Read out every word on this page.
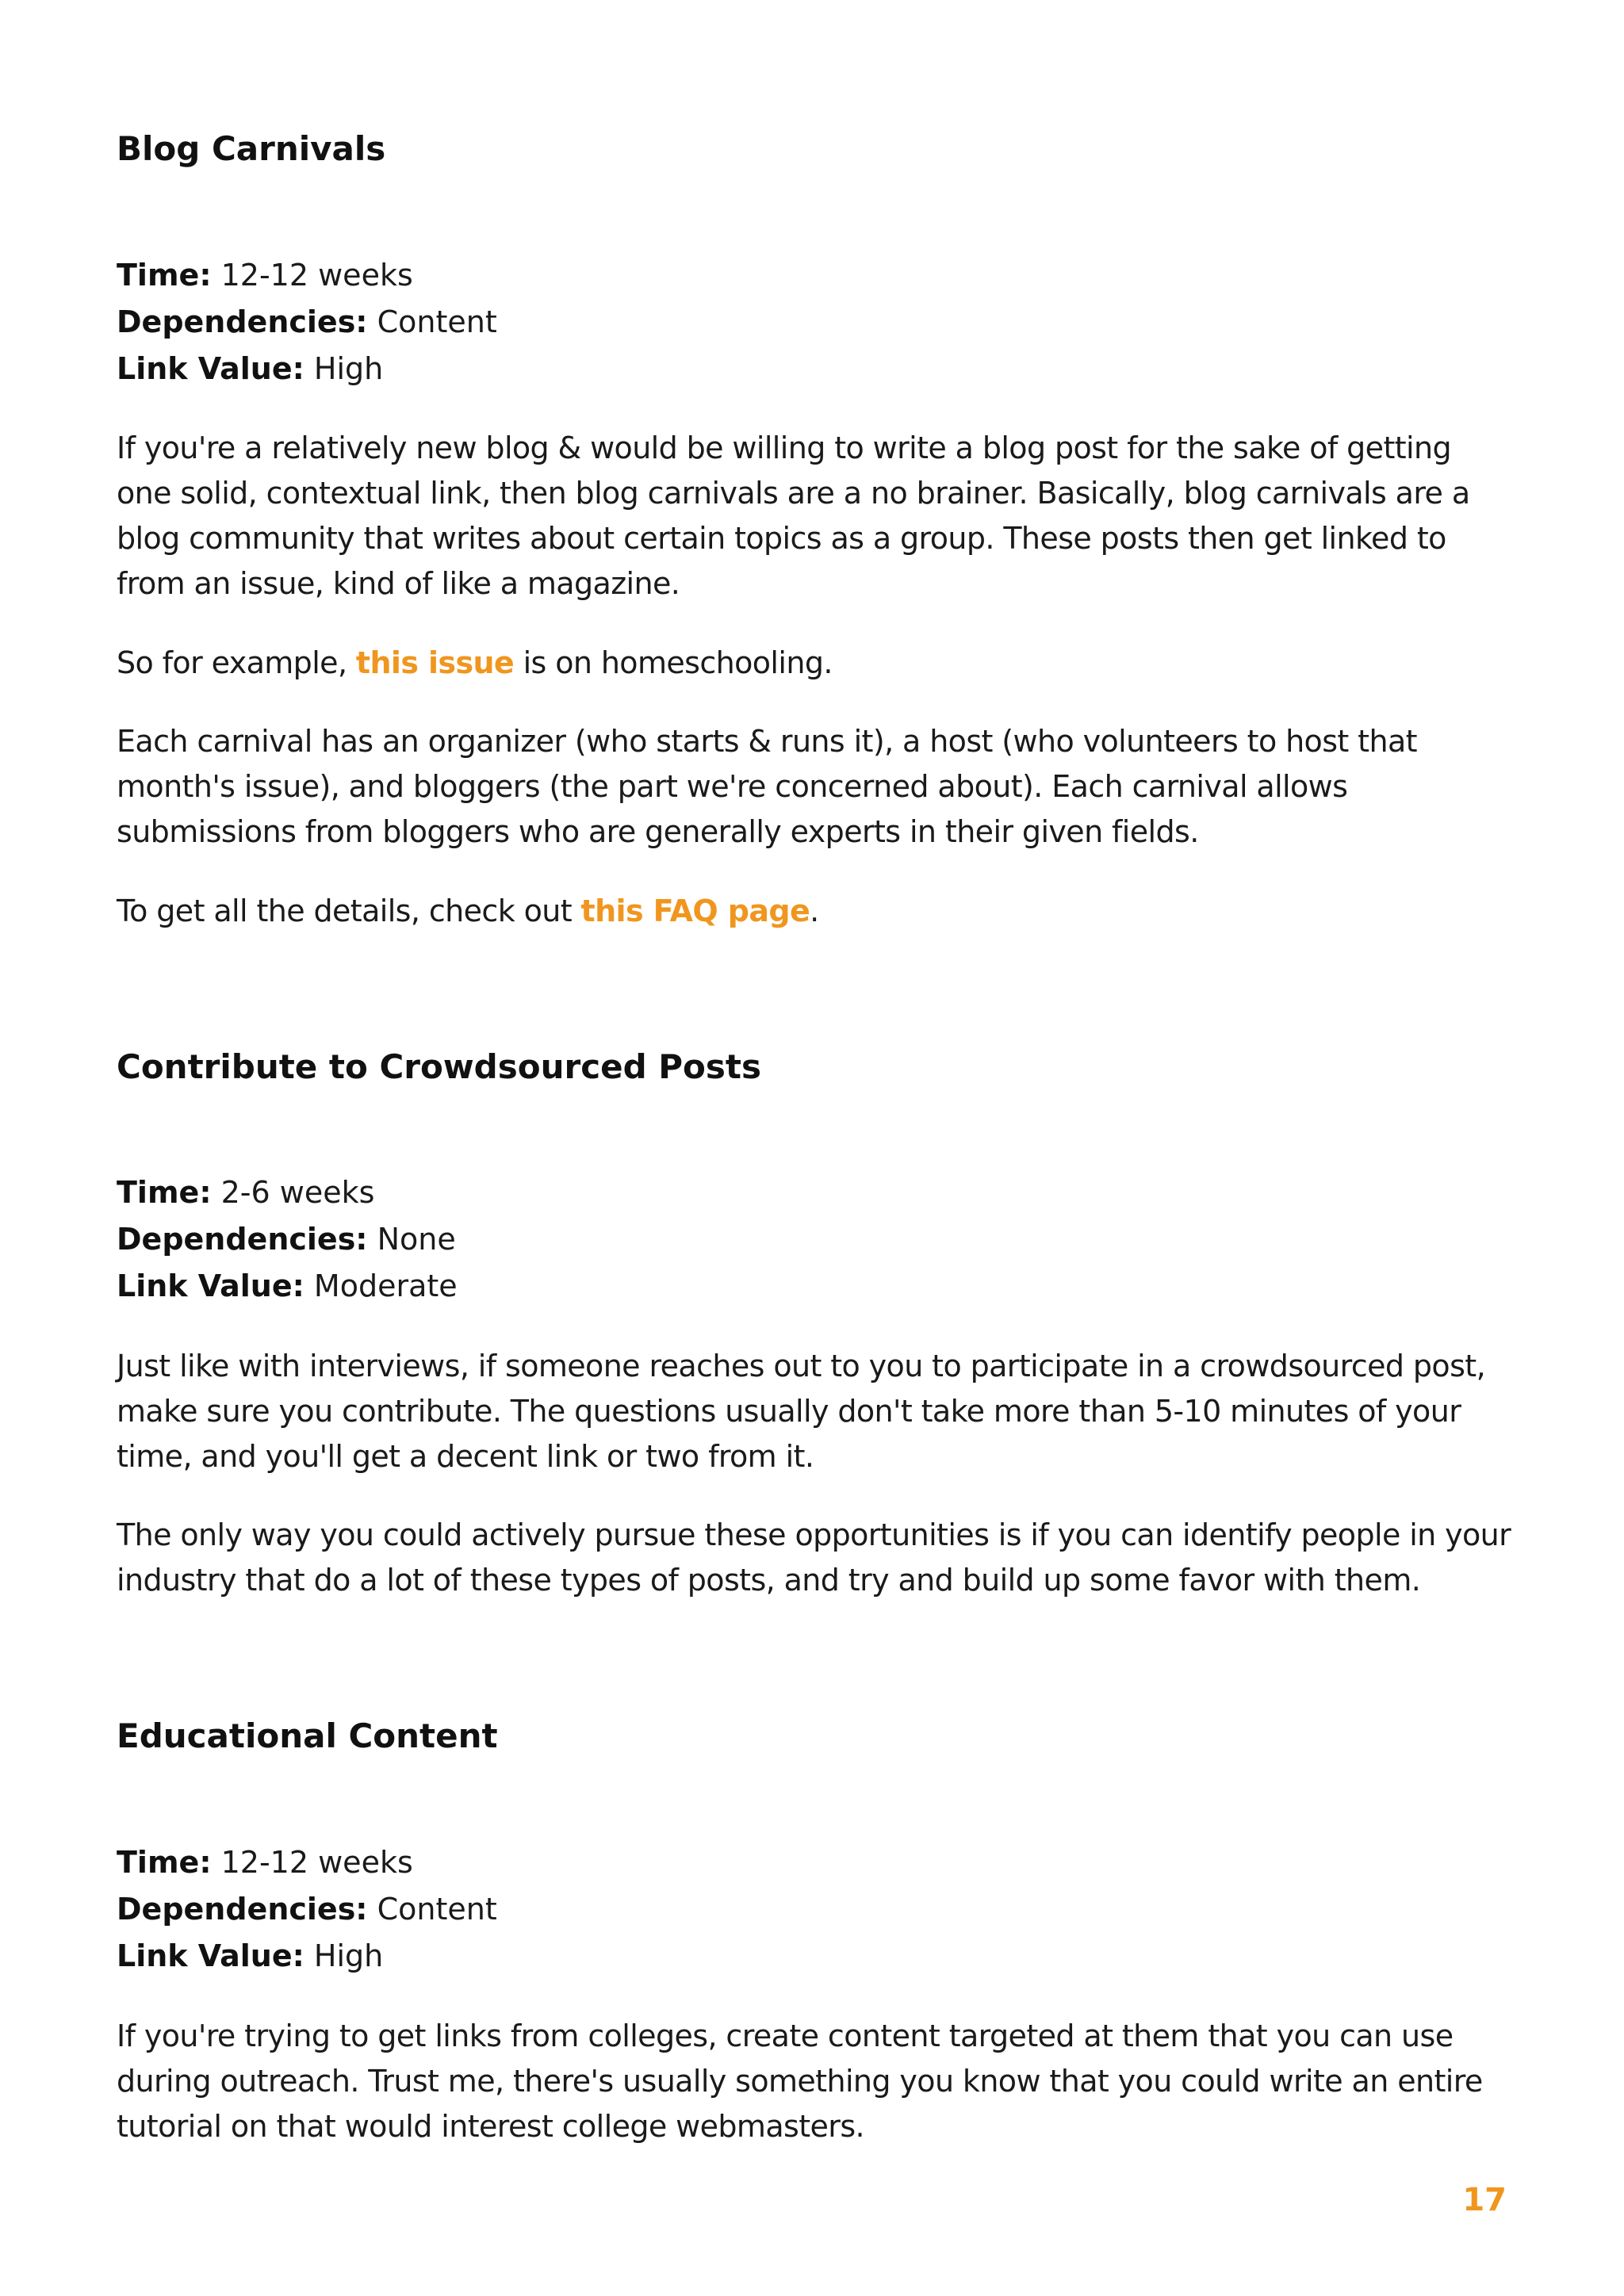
Blog Carnivals
Time: 12-12 weeks
Dependencies: Content
Link Value: High

If you're a relatively new blog & would be willing to write a blog post for the sake of getting one solid, contextual link, then blog carnivals are a no brainer. Basically, blog carnivals are a blog community that writes about certain topics as a group. These posts then get linked to from an issue, kind of like a magazine.

So for example, this issue is on homeschooling.

Each carnival has an organizer (who starts & runs it), a host (who volunteers to host that month's issue), and bloggers (the part we're concerned about). Each carnival allows submissions from bloggers who are generally experts in their given fields.

To get all the details, check out this FAQ page.

Contribute to Crowdsourced Posts
Time: 2-6 weeks
Dependencies: None
Link Value: Moderate

Just like with interviews, if someone reaches out to you to participate in a crowdsourced post, make sure you contribute. The questions usually don't take more than 5-10 minutes of your time, and you'll get a decent link or two from it.

The only way you could actively pursue these opportunities is if you can identify people in your industry that do a lot of these types of posts, and try and build up some favor with them.

Educational Content
Time: 12-12 weeks
Dependencies: Content
Link Value: High

If you're trying to get links from colleges, create content targeted at them that you can use during outreach. Trust me, there's usually something you know that you could write an entire tutorial on that would interest college webmasters.

17
